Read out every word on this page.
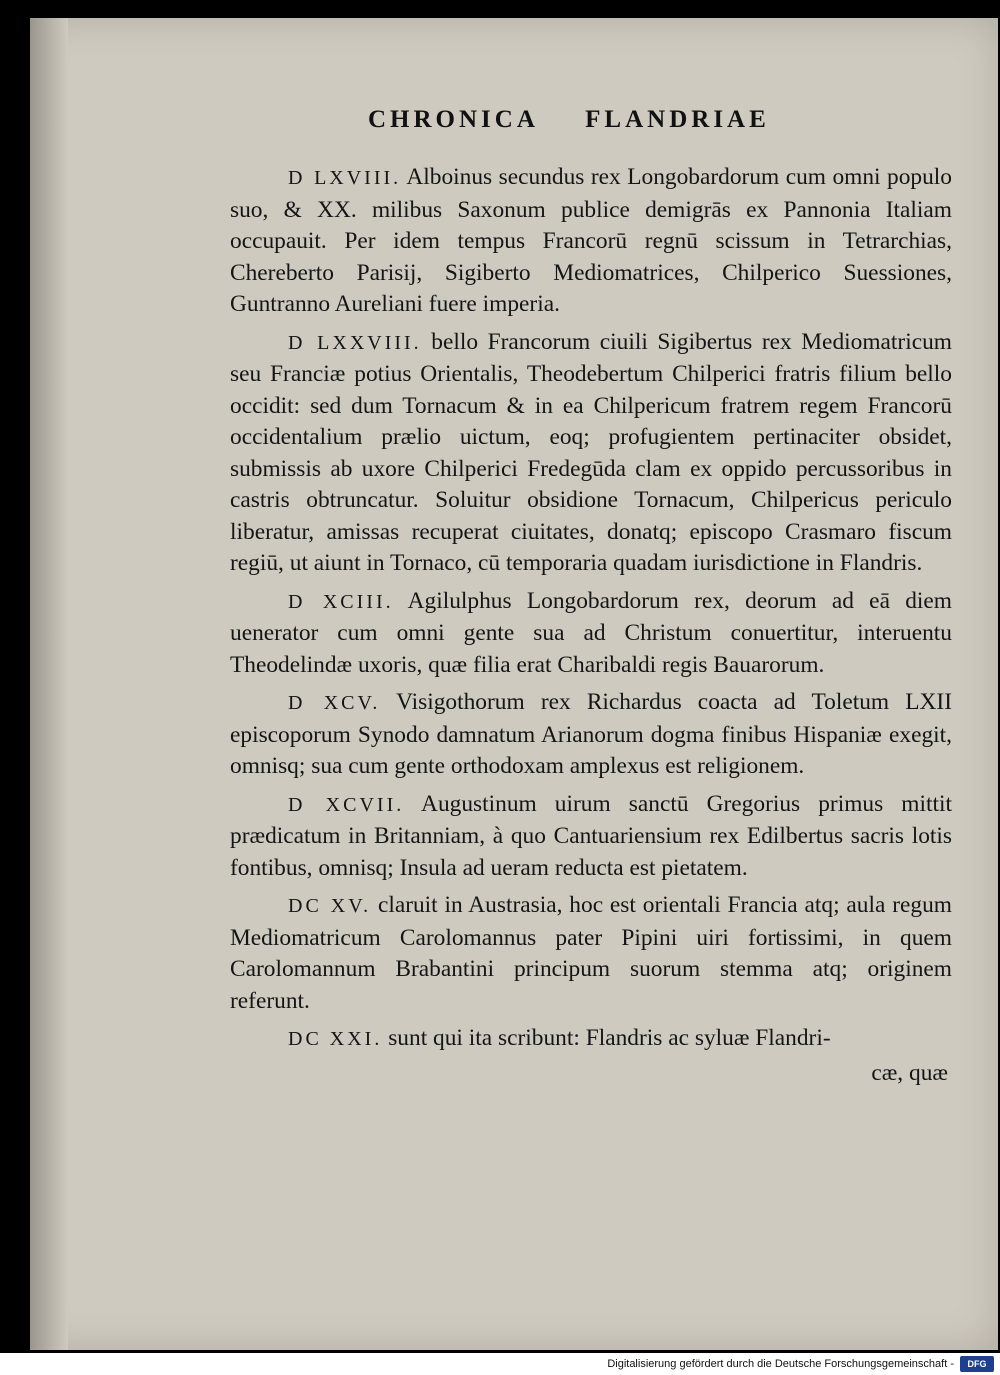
CHRONICA FLANDRIAE

D LXVIII. Alboinus secundus rex Longobardorum cum omni populo suo, & XX. milibus Saxonum publice demigrās ex Pannonia Italiam occupauit. Per idem tempus Francorū regnū scissum in Tetrarchias, Chereberto Parisij, Sigiberto Mediomatrices, Chilperico Suessiones, Guntranno Aureliani fuere imperia.

D LXXVIII. bello Francorum ciuili Sigibertus rex Mediomatricum seu Franciæ potius Orientalis, Theodebertum Chilperici fratris filium bello occidit: sed dum Tornacum & in ea Chilpericum fratrem regem Francorū occidentalium prælio uictum, eoq; profugientem pertinaciter obsidet, submissis ab uxore Chilperici Fredegūda clam ex oppido percussoribus in castris obtruncatur. Soluitur obsidione Tornacum, Chilpericus periculo liberatur, amissas recuperat ciuitates, donatq; episcopo Crasmaro fiscum regiū, ut aiunt in Tornaco, cū temporaria quadam iurisdictione in Flandris.

D XCIII. Agilulphus Longobardorum rex, deorum ad eā diem uenerator cum omni gente sua ad Christum conuertitur, interuentu Theodelindæ uxoris, quæ filia erat Charibaldi regis Bauarorum.

D XCV. Visigothorum rex Richardus coacta ad Toletum LXII episcoporum Synodo damnatum Arianorum dogma finibus Hispaniæ exegit, omnisq; sua cum gente orthodoxam amplexus est religionem.

D XCVII. Augustinum uirum sanctū Gregorius primus mittit prædicatum in Britanniam, à quo Cantuariensium rex Edilbertus sacris lotis fontibus, omnisq; Insula ad ueram reducta est pietatem.

DC XV. claruit in Austrasia, hoc est orientali Francia atq; aula regum Mediomatricum Carolomannus pater Pipini uiri fortissimi, in quem Carolomannum Brabantini principum suorum stemma atq; originem referunt.

DC XXI. sunt qui ita scribunt: Flandris ac syluæ Flandri-

cæ, quæ
Digitalisierung gefördert durch die Deutsche Forschungsgemeinschaft -	DFG
